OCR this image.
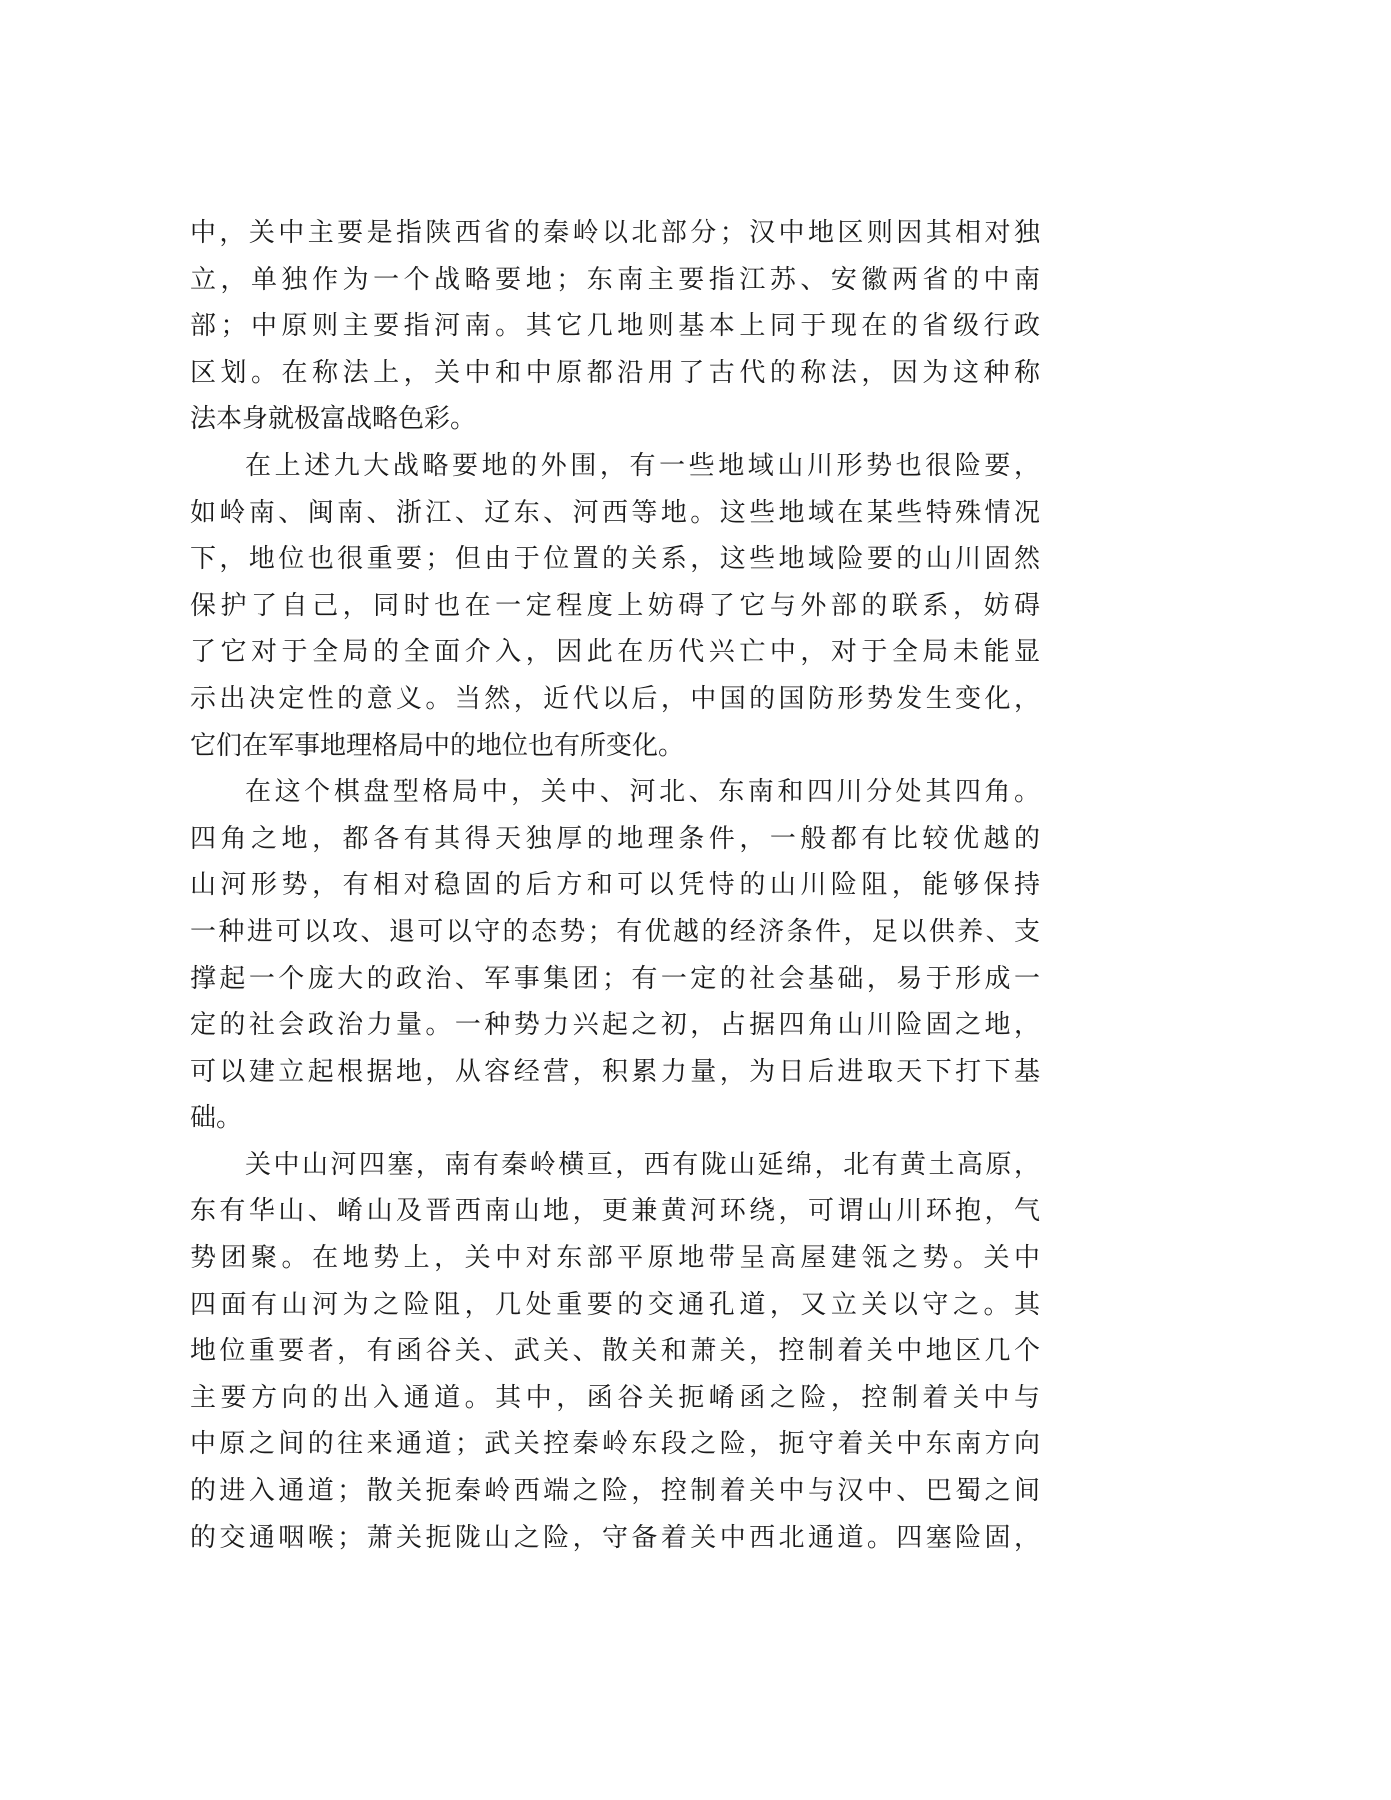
中，关中主要是指陕西省的秦岭以北部分；汉中地区则因其相对独
立，单独作为一个战略要地；东南主要指江苏、安徽两省的中南
部；中原则主要指河南。其它几地则基本上同于现在的省级行政
区划。在称法上，关中和中原都沿用了古代的称法，因为这种称
法本身就极富战略色彩。
在上述九大战略要地的外围，有一些地域山川形势也很险要，
如岭南、闽南、浙江、辽东、河西等地。这些地域在某些特殊情况
下，地位也很重要；但由于位置的关系，这些地域险要的山川固然
保护了自己，同时也在一定程度上妨碍了它与外部的联系，妨碍
了它对于全局的全面介入，因此在历代兴亡中，对于全局未能显
示出决定性的意义。当然，近代以后，中国的国防形势发生变化，
它们在军事地理格局中的地位也有所变化。
在这个棋盘型格局中，关中、河北、东南和四川分处其四角。
四角之地，都各有其得天独厚的地理条件，一般都有比较优越的
山河形势，有相对稳固的后方和可以凭恃的山川险阻，能够保持
一种进可以攻、退可以守的态势；有优越的经济条件，足以供养、支
撑起一个庞大的政治、军事集团；有一定的社会基础，易于形成一
定的社会政治力量。一种势力兴起之初，占据四角山川险固之地，
可以建立起根据地，从容经营，积累力量，为日后进取天下打下基
础。
关中山河四塞，南有秦岭横亘，西有陇山延绵，北有黄土高原，
东有华山、崤山及晋西南山地，更兼黄河环绕，可谓山川环抱，气
势团聚。在地势上，关中对东部平原地带呈高屋建瓴之势。关中
四面有山河为之险阻，几处重要的交通孔道，又立关以守之。其
地位重要者，有函谷关、武关、散关和萧关，控制着关中地区几个
主要方向的出入通道。其中，函谷关扼崤函之险，控制着关中与
中原之间的往来通道；武关控秦岭东段之险，扼守着关中东南方向
的进入通道；散关扼秦岭西端之险，控制着关中与汉中、巴蜀之间
的交通咽喉；萧关扼陇山之险，守备着关中西北通道。四塞险固，
